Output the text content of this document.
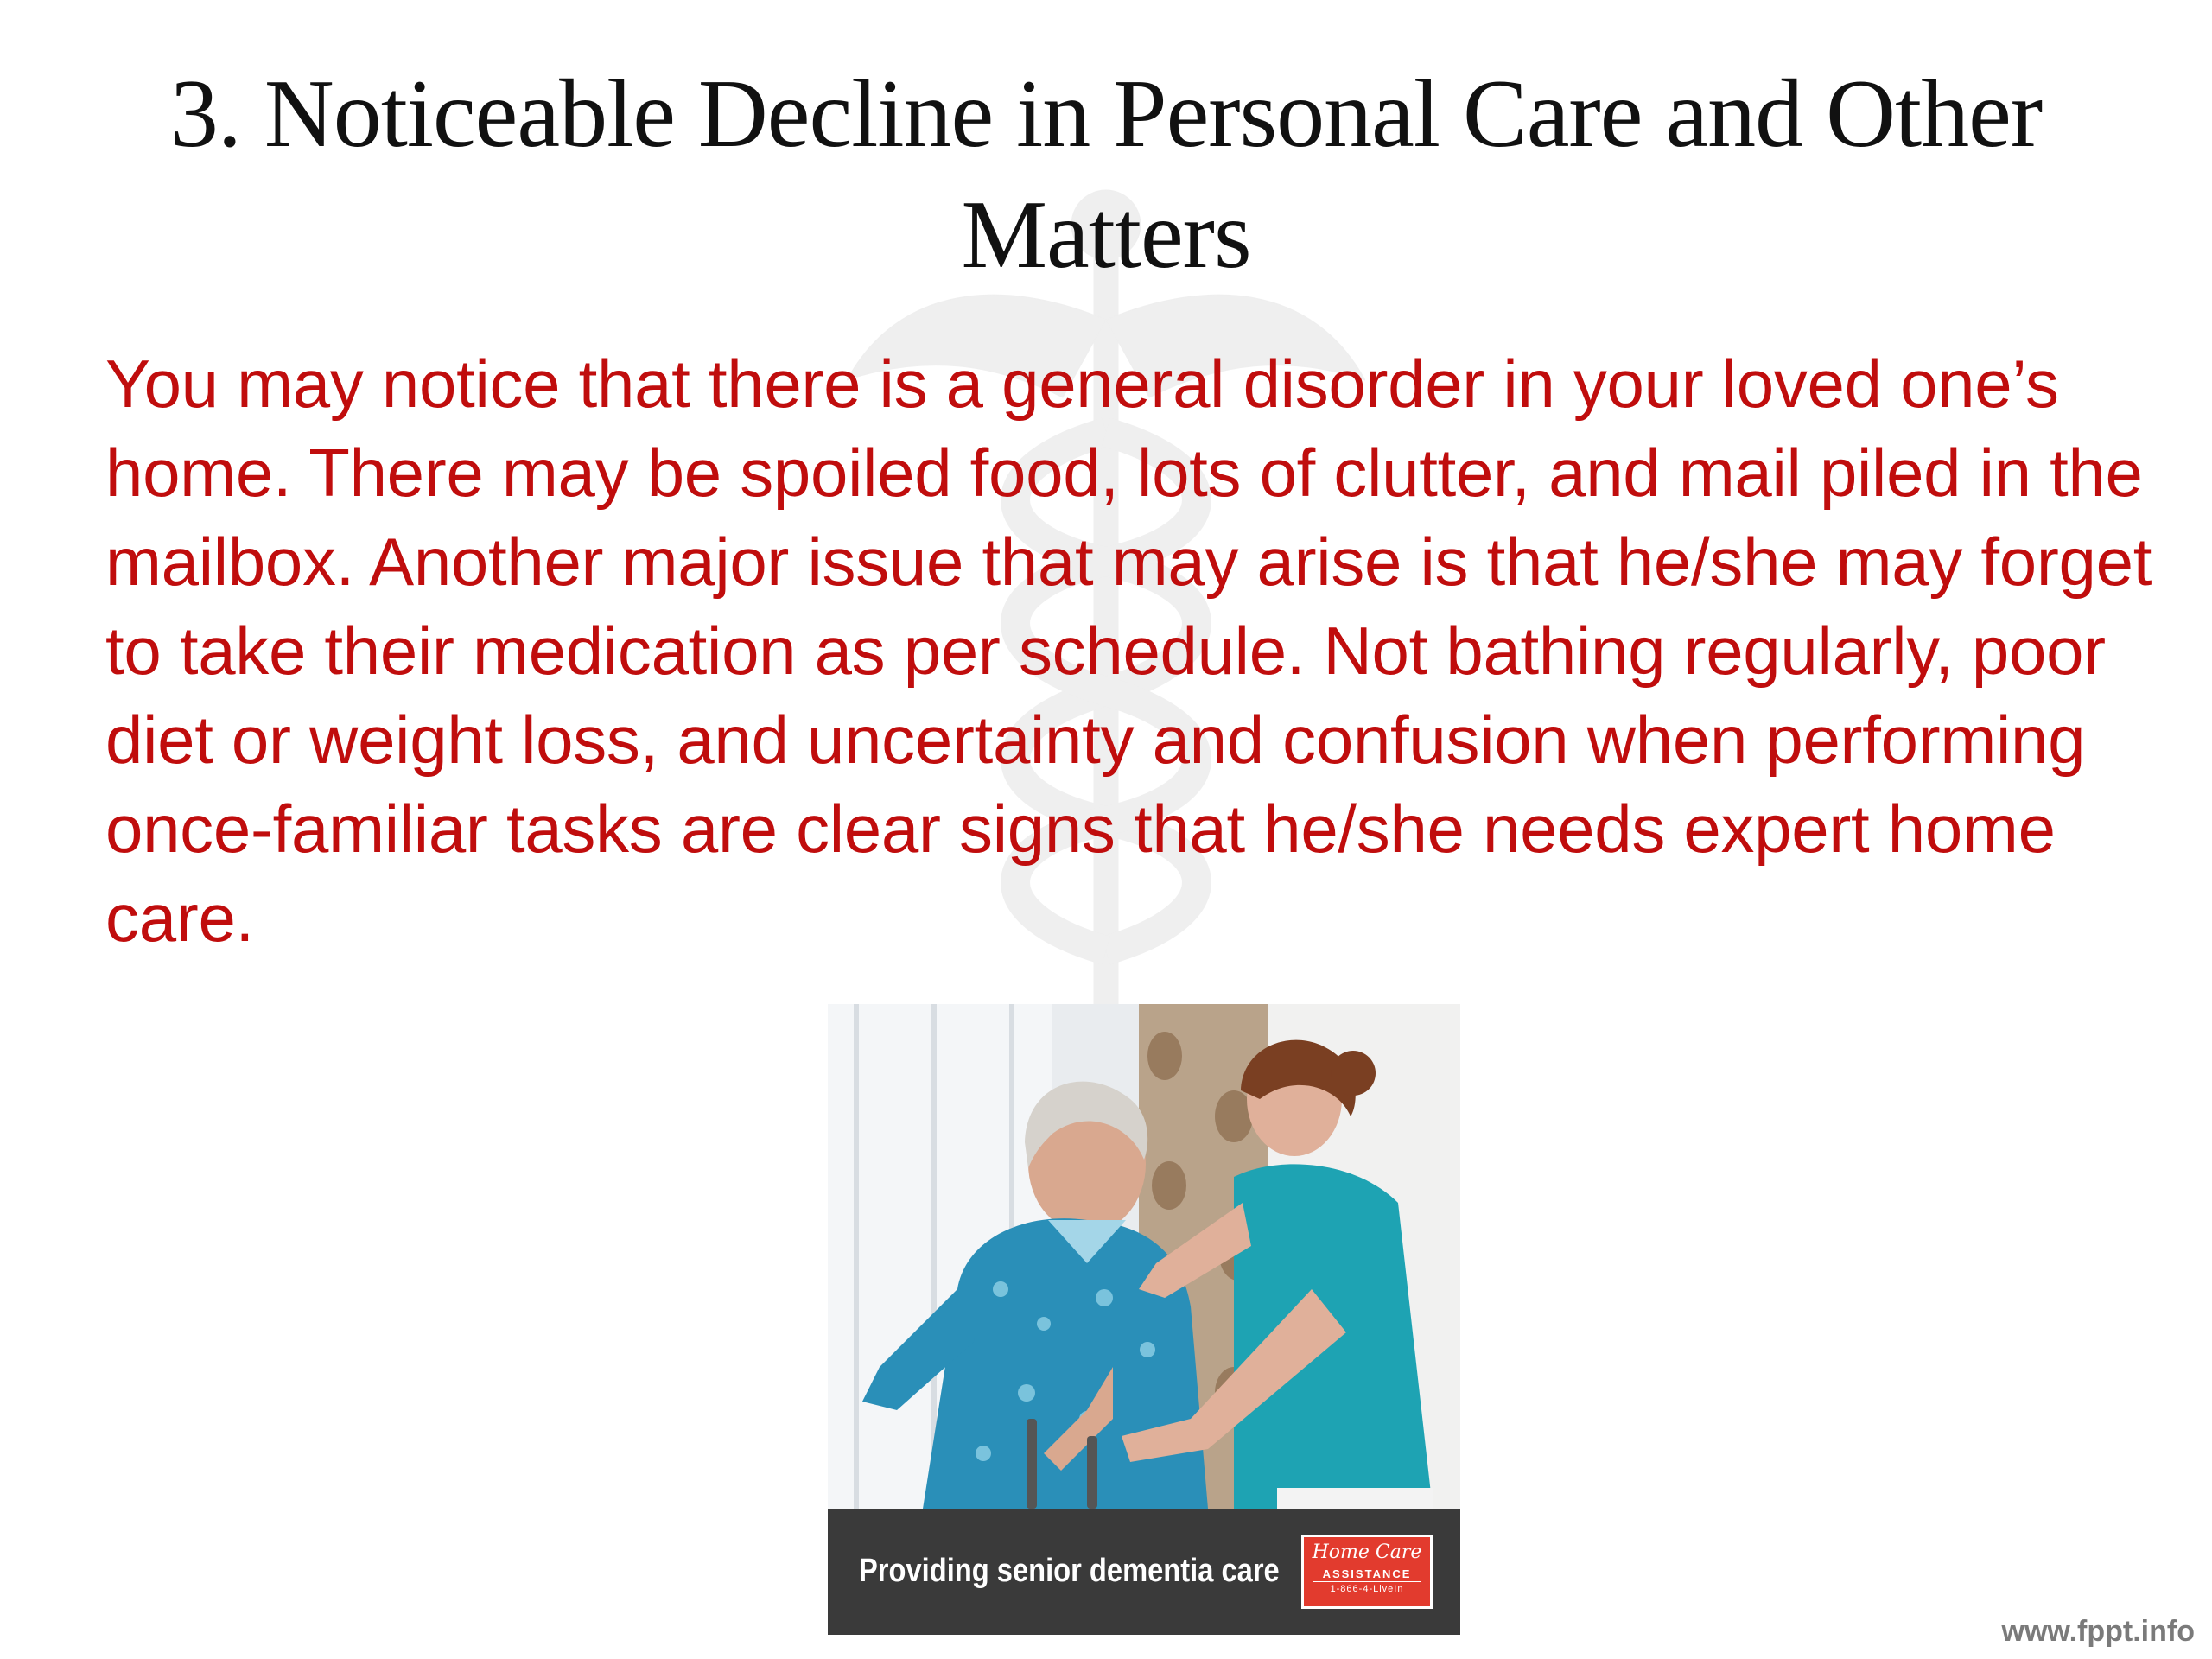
3. Noticeable Decline in Personal Care and Other Matters

You may notice that there is a general disorder in your loved one’s home. There may be spoiled food, lots of clutter, and mail piled in the mailbox. Another major issue that may arise is that he/she may forget to take their medication as per schedule. Not bathing regularly, poor diet or weight loss, and uncertainty and confusion when performing once-familiar tasks are clear signs that he/she needs expert home care.

Providing senior dementia care
Home Care
ASSISTANCE
1-866-4-LiveIn
www.fppt.info
